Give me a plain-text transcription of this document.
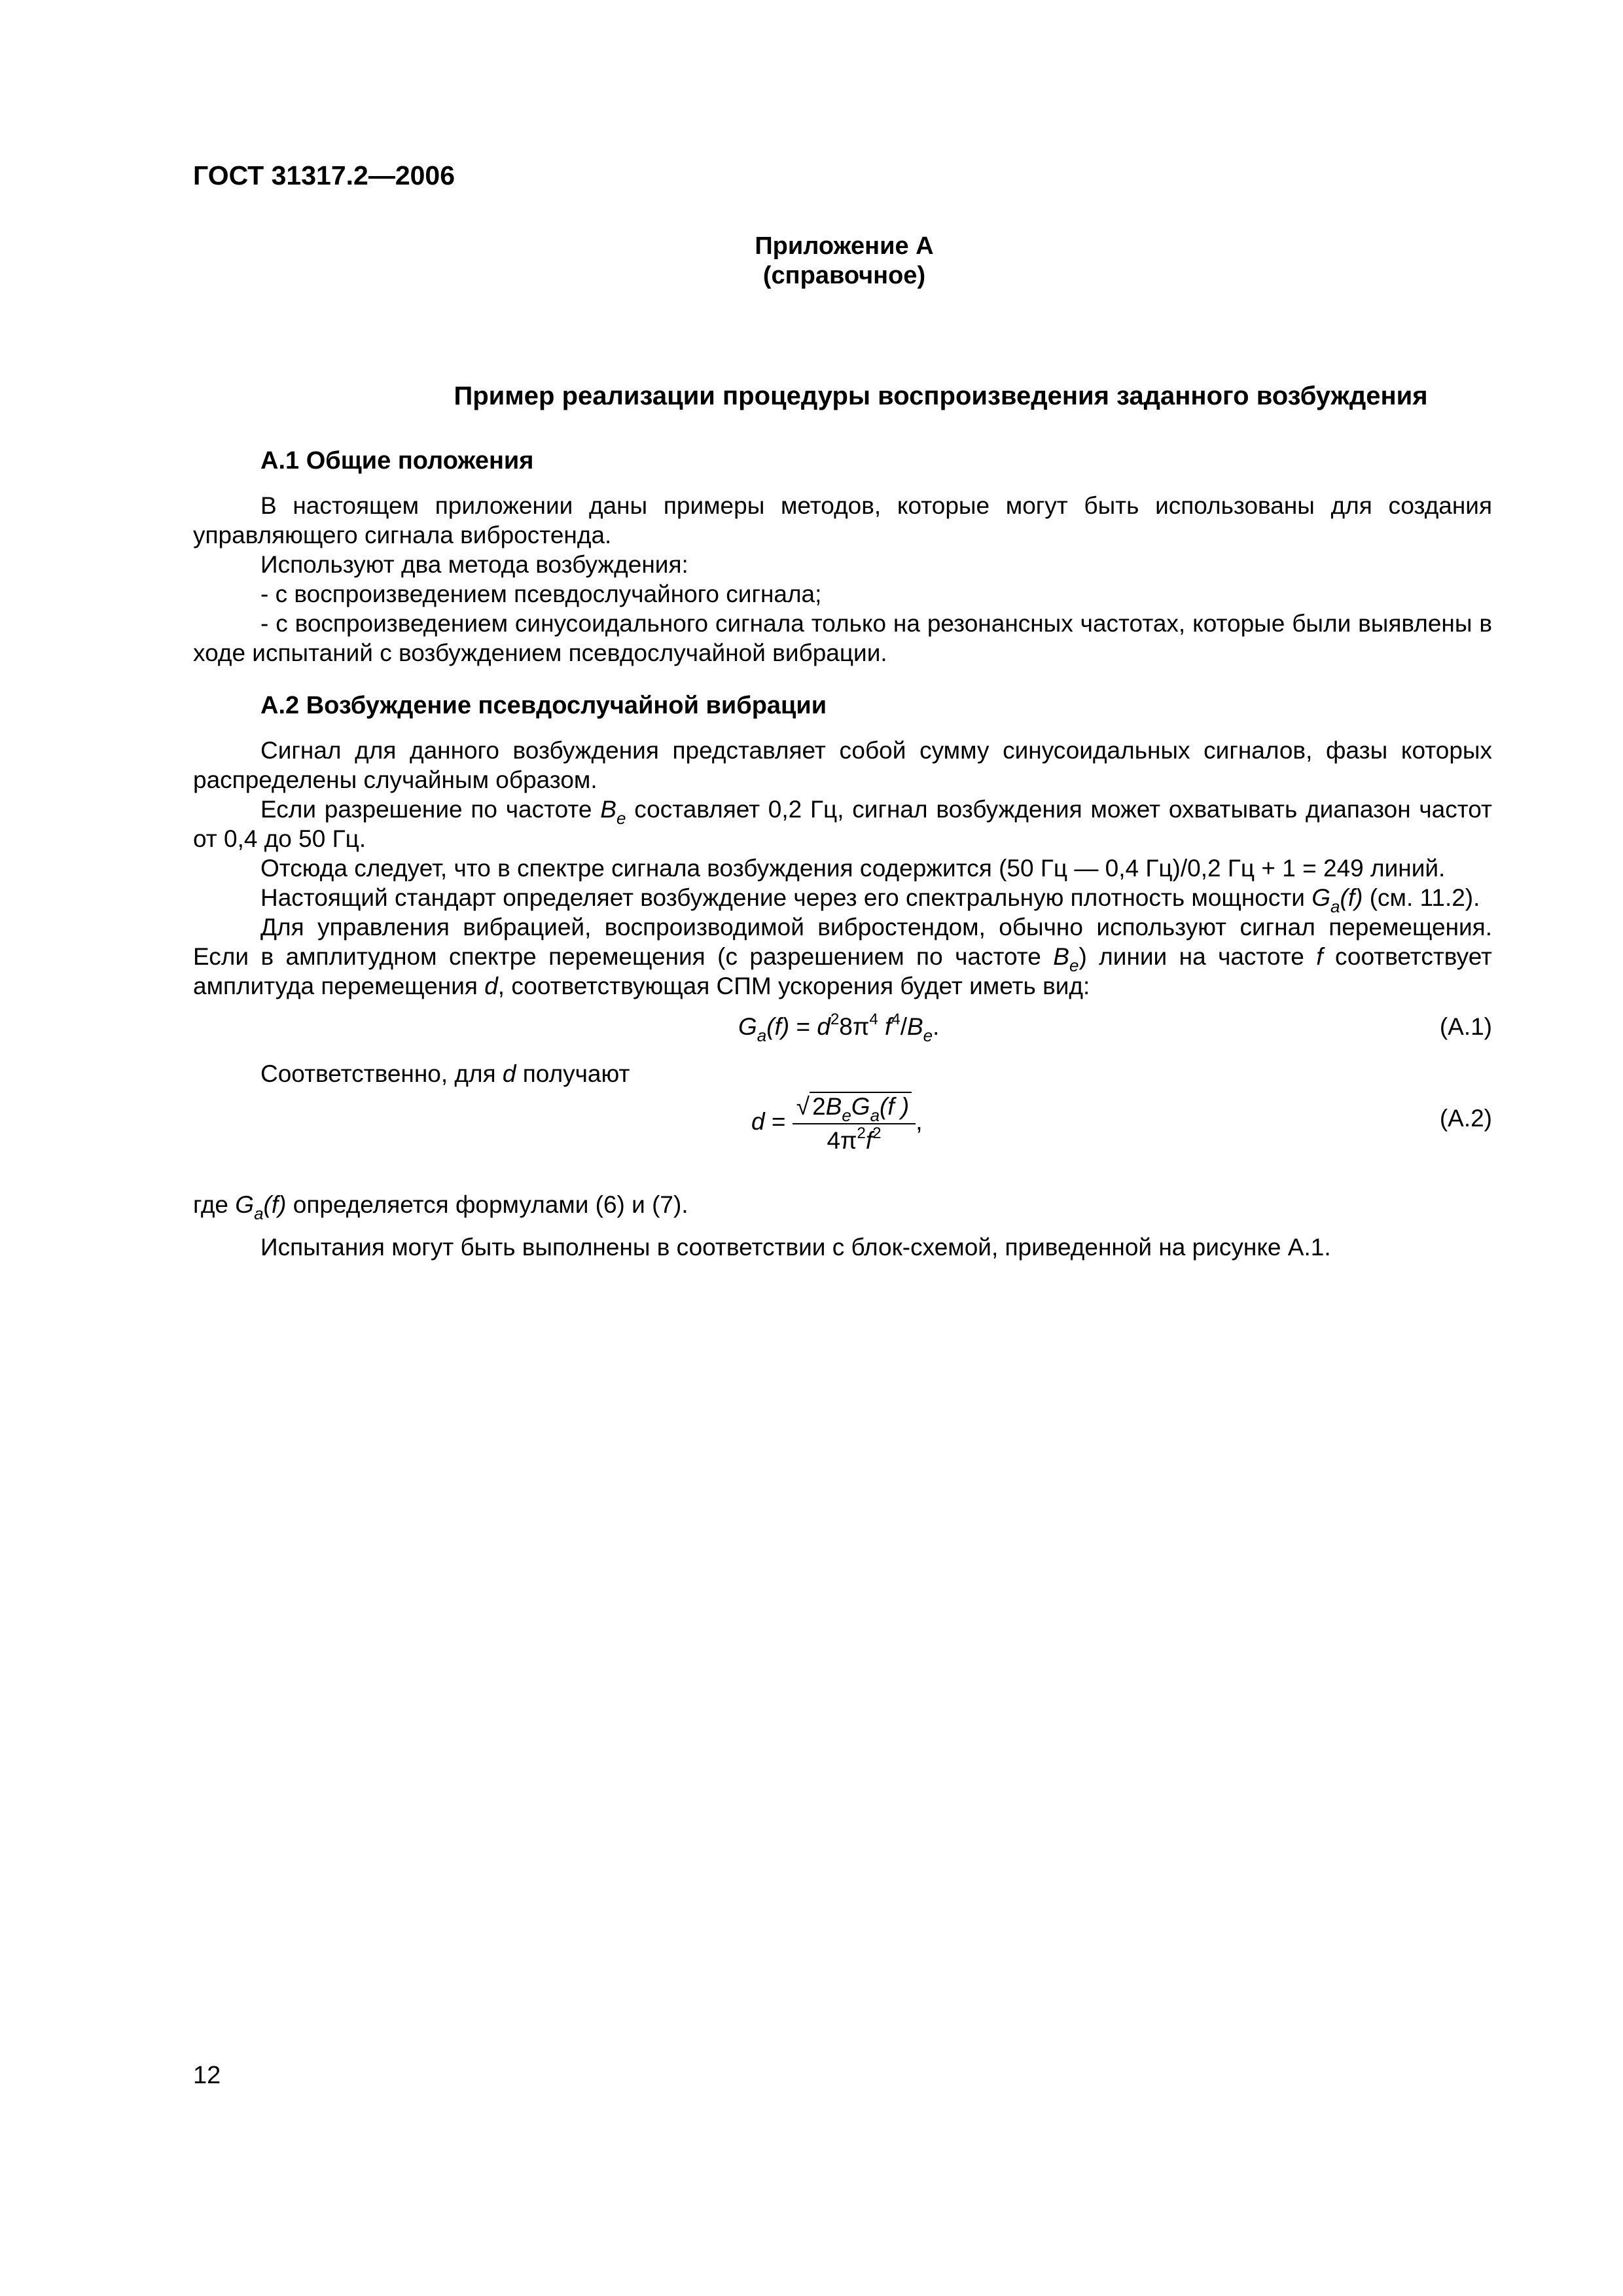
ГОСТ 31317.2—2006
Приложение А
(справочное)
Пример реализации процедуры воспроизведения заданного возбуждения
А.1 Общие положения

В настоящем приложении даны примеры методов, которые могут быть использованы для создания управляющего сигнала вибростенда.

Используют два метода возбуждения:
- с воспроизведением псевдослучайного сигнала;

- с воспроизведением синусоидального сигнала только на резонансных частотах, которые были выявлены в ходе испытаний с возбуждением псевдослучайной вибрации.

А.2 Возбуждение псевдослучайной вибрации

Сигнал для данного возбуждения представляет собой сумму синусоидальных сигналов, фазы которых распределены случайным образом.

Если разрешение по частоте $B_e$ составляет 0,2 Гц, сигнал возбуждения может охватывать диапазон частот от 0,4 до 50 Гц.

Отсюда следует, что в спектре сигнала возбуждения содержится (50 Гц — 0,4 Гц)/0,2 Гц + 1 = 249 линий.
Настоящий стандарт определяет возбуждение через его спектральную плотность мощности $G_a(f)$ (см. 11.2).

Для управления вибрацией, воспроизводимой вибростендом, обычно используют сигнал перемещения. Если в амплитудном спектре перемещения (с разрешением по частоте $B_e$) линии на частоте f соответствует амплитуда перемещения d, соответствующая СПМ ускорения будет иметь вид:

$G_a(f) = d^28\pi^4$ $f^4/B_e$.	(А.1)
Соответственно, для d получают
$d = \frac{√ 2B_eG_a(f )}{4\pi^2f^2}$ ,	(А.2)
где $G_a(f)$ определяется формулами (6) и (7).
Испытания могут быть выполнены в соответствии с блок-схемой, приведенной на рисунке А.1.
12
